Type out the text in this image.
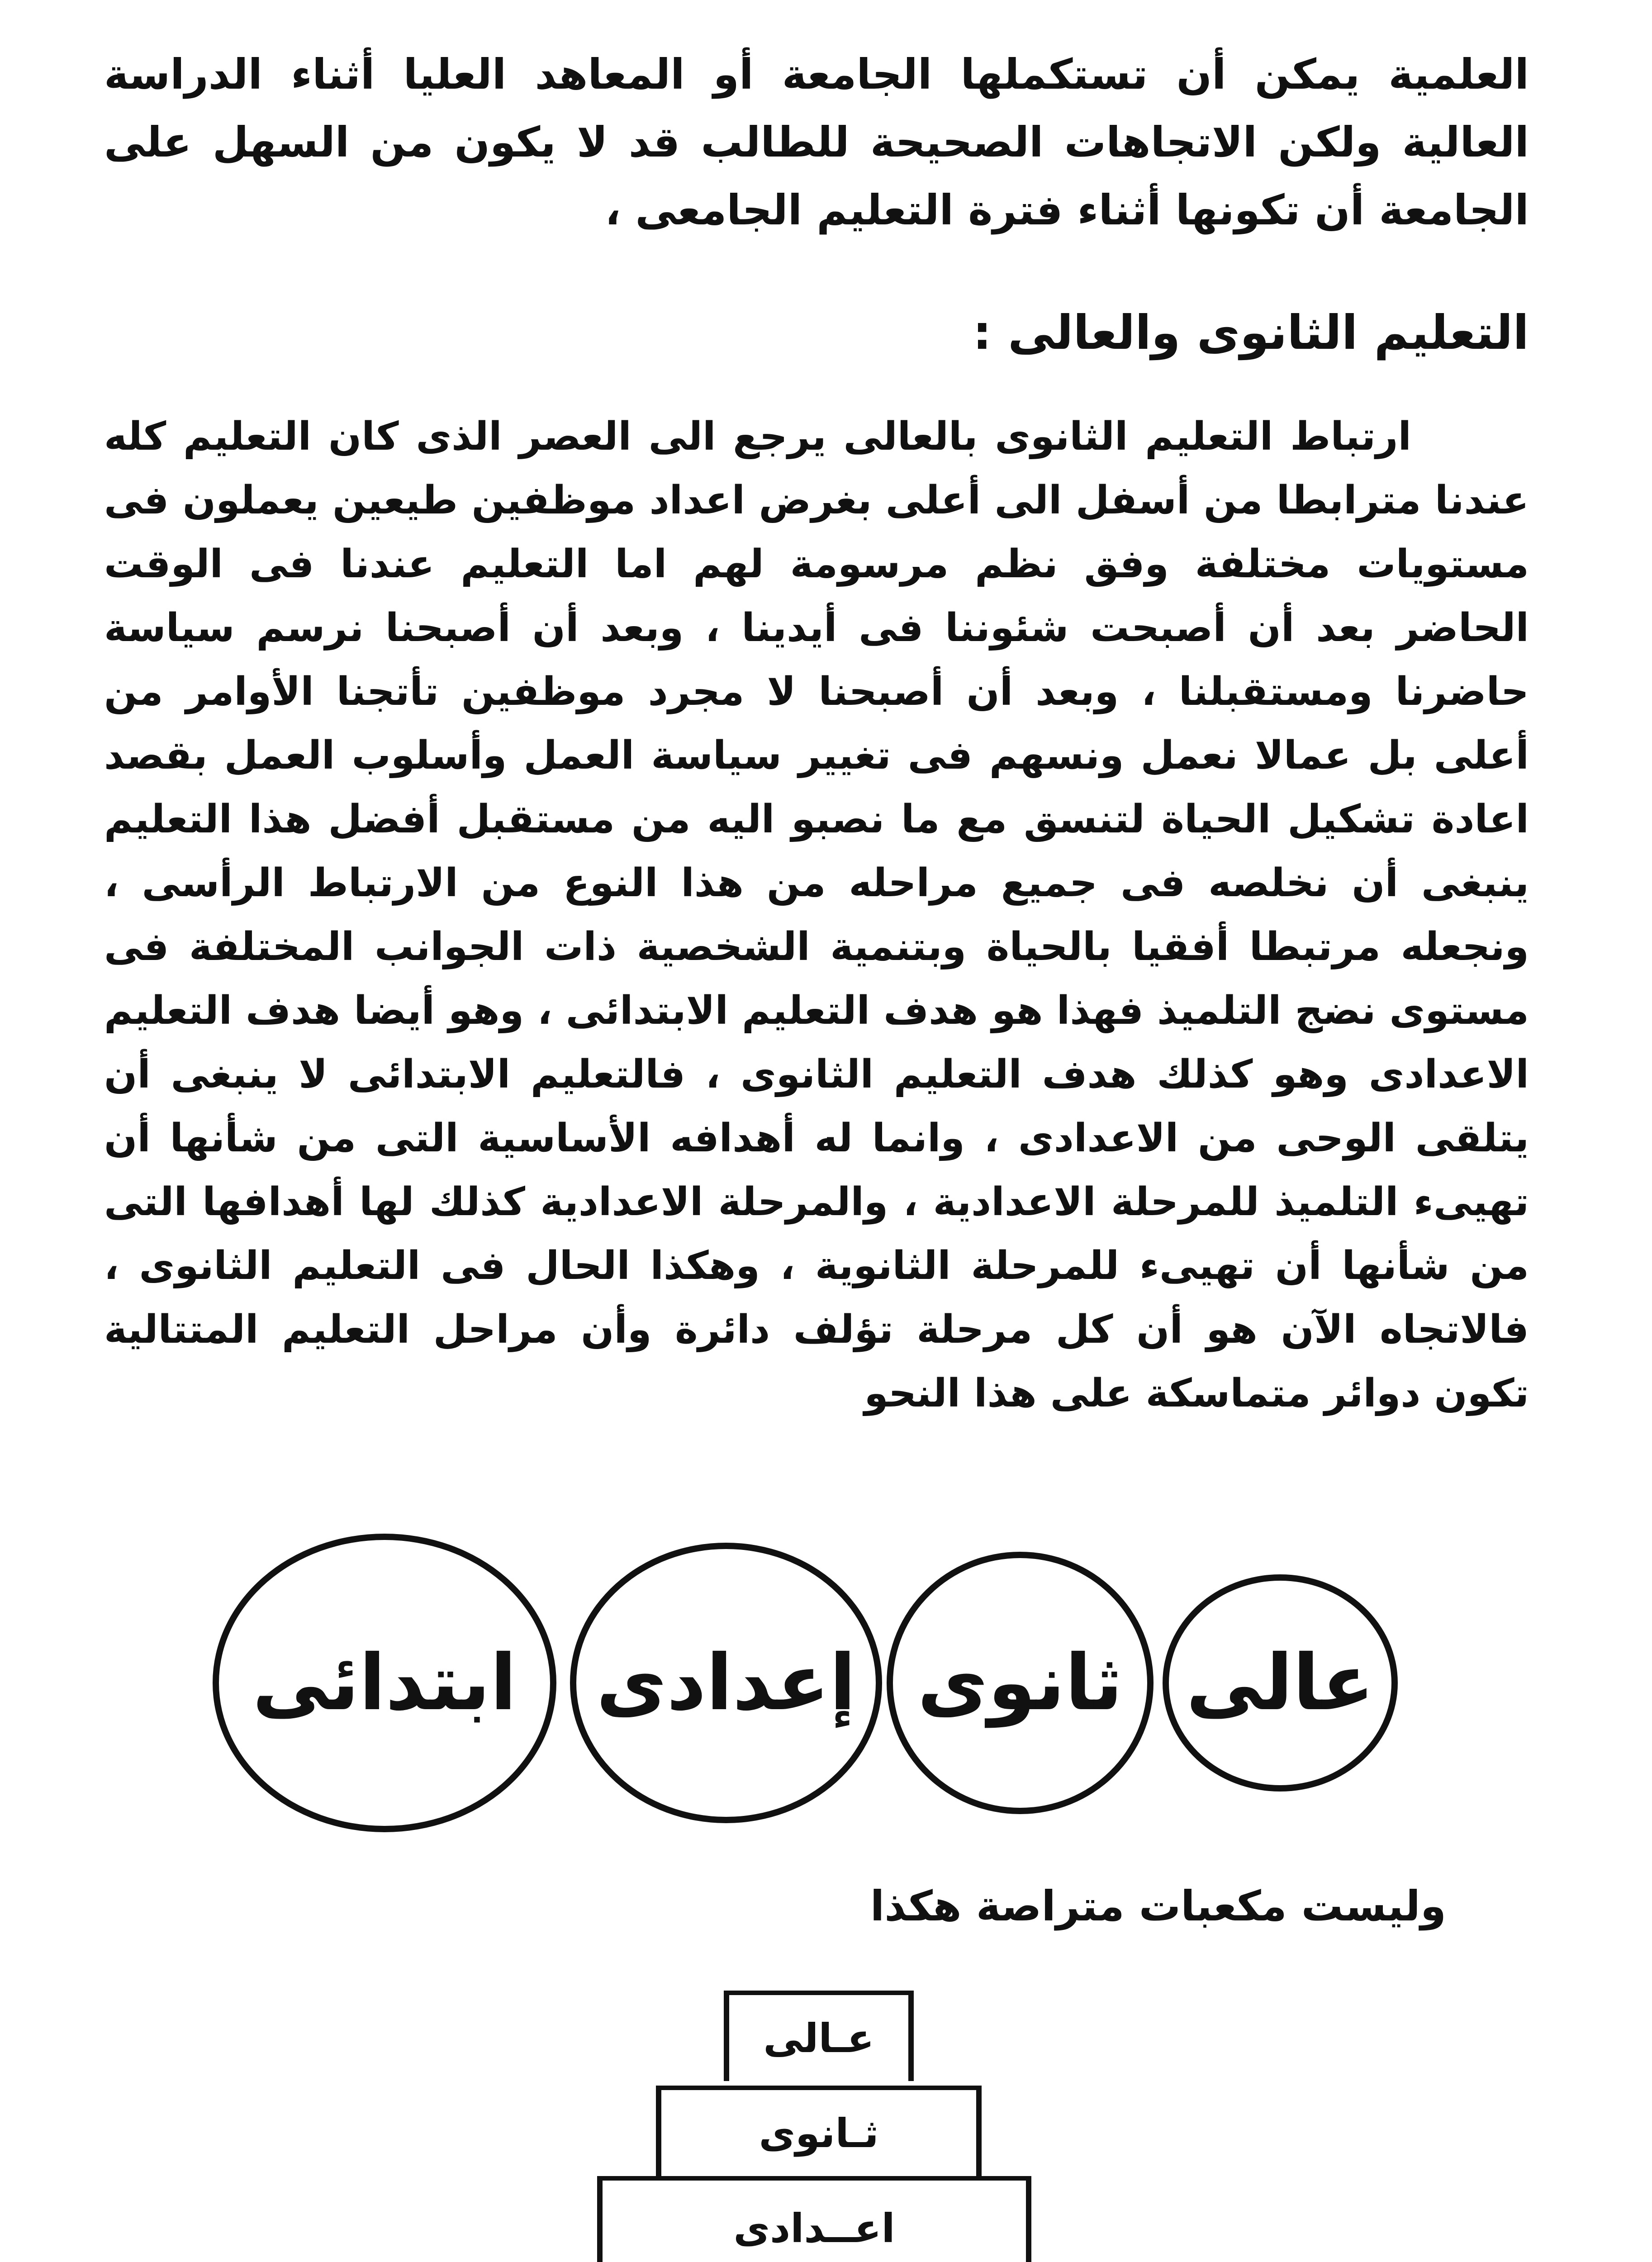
العلمية يمكن أن تستكملها الجامعة أو المعاهد العليا أثناء الدراسة العالية ولكن الاتجاهات الصحيحة للطالب قد لا يكون من السهل على الجامعة أن تكونها أثناء فترة التعليم الجامعى ،
التعليم الثانوى والعالى :
ارتباط التعليم الثانوى بالعالى يرجع الى العصر الذى كان التعليم كله عندنا مترابطا من أسفل الى أعلى بغرض اعداد موظفين طيعين يعملون فى مستويات مختلفة وفق نظم مرسومة لهم اما التعليم عندنا فى الوقت الحاضر بعد أن أصبحت شئوننا فى أيدينا ، وبعد أن أصبحنا نرسم سياسة حاضرنا ومستقبلنا ، وبعد أن أصبحنا لا مجرد موظفين تأتجنا الأوامر من أعلى بل عمالا نعمل ونسهم فى تغيير سياسة العمل وأسلوب العمل بقصد اعادة تشكيل الحياة لتنسق مع ما نصبو اليه من مستقبل أفضل هذا التعليم ينبغى أن نخلصه فى جميع مراحله من هذا النوع من الارتباط الرأسى ، ونجعله مرتبطا أفقيا بالحياة وبتنمية الشخصية ذات الجوانب المختلفة فى مستوى نضج التلميذ فهذا هو هدف التعليم الابتدائى ، وهو أيضا هدف التعليم الاعدادى وهو كذلك هدف التعليم الثانوى ، فالتعليم الابتدائى لا ينبغى أن يتلقى الوحى من الاعدادى ، وانما له أهدافه الأساسية التى من شأنها أن تهيىء التلميذ للمرحلة الاعدادية ، والمرحلة الاعدادية كذلك لها أهدافها التى من شأنها أن تهيىء للمرحلة الثانوية ، وهكذا الحال فى التعليم الثانوى ، فالاتجاه الآن هو أن كل مرحلة تؤلف دائرة وأن مراحل التعليم المتتالية تكون دوائر متماسكة على هذا النحو
ابتدائى إعدادى ثانوى عالى
وليست مكعبات متراصة هكذا
عـالى
ثـانوى
اعــدادى
